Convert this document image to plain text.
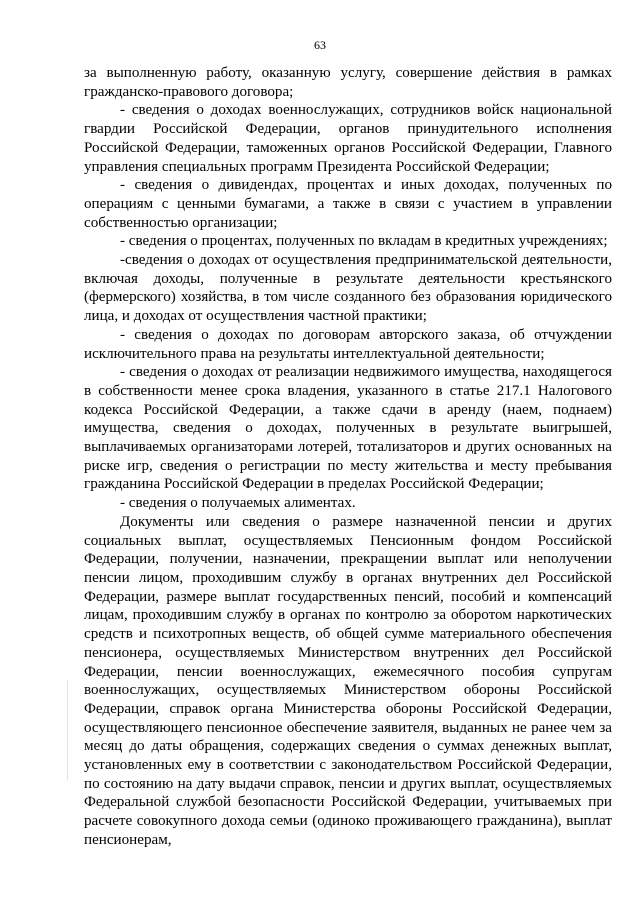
63

за выполненную работу, оказанную услугу, совершение действия в рамках гражданско-правового договора;

- сведения о доходах военнослужащих, сотрудников войск национальной гвардии Российской Федерации, органов принудительного исполнения Российской Федерации, таможенных органов Российской Федерации, Главного управления специальных программ Президента Российской Федерации;

- сведения о дивидендах, процентах и иных доходах, полученных по операциям с ценными бумагами, а также в связи с участием в управлении собственностью организации;

- сведения о процентах, полученных по вкладам в кредитных учреждениях;

-сведения о доходах от осуществления предпринимательской деятельности, включая доходы, полученные в результате деятельности крестьянского (фермерского) хозяйства, в том числе созданного без образования юридического лица, и доходах от осуществления частной практики;

- сведения о доходах по договорам авторского заказа, об отчуждении исключительного права на результаты интеллектуальной деятельности;

- сведения о доходах от реализации недвижимого имущества, находящегося в собственности менее срока владения, указанного в статье 217.1 Налогового кодекса Российской Федерации, а также сдачи в аренду (наем, поднаем) имущества, сведения о доходах, полученных в результате выигрышей, выплачиваемых организаторами лотерей, тотализаторов и других основанных на риске игр, сведения о регистрации по месту жительства и месту пребывания гражданина Российской Федерации в пределах Российской Федерации;

- сведения о получаемых алиментах.

Документы или сведения о размере назначенной пенсии и других социальных выплат, осуществляемых Пенсионным фондом Российской Федерации, получении, назначении, прекращении выплат или неполучении пенсии лицом, проходившим службу в органах внутренних дел Российской Федерации, размере выплат государственных пенсий, пособий и компенсаций лицам, проходившим службу в органах по контролю за оборотом наркотических средств и психотропных веществ, об общей сумме материального обеспечения пенсионера, осуществляемых Министерством внутренних дел Российской Федерации, пенсии военнослужащих, ежемесячного пособия супругам военнослужащих, осуществляемых Министерством обороны Российской Федерации, справок органа Министерства обороны Российской Федерации, осуществляющего пенсионное обеспечение заявителя, выданных не ранее чем за месяц до даты обращения, содержащих сведения о суммах денежных выплат, установленных ему в соответствии с законодательством Российской Федерации, по состоянию на дату выдачи справок, пенсии и других выплат, осуществляемых Федеральной службой безопасности Российской Федерации, учитываемых при расчете совокупного дохода семьи (одиноко проживающего гражданина), выплат пенсионерам,
